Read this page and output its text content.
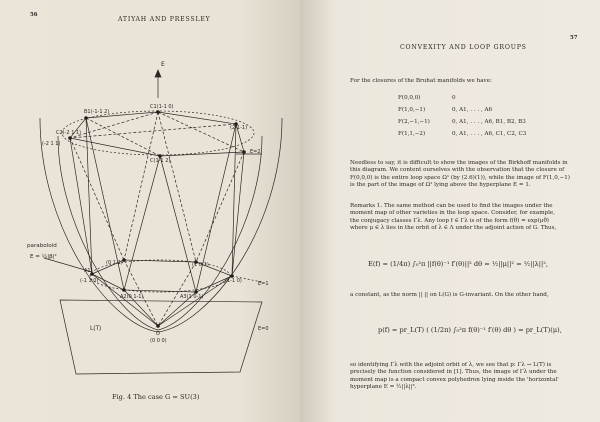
56
ATIYAH AND PRESSLEY
E
B1(-1-1 2)
C1(1-1 0)
(2-1-1)
C2(-2 1 1)
(-2 1 1)
C(1-1 2)
E=2
E=1
E=0
paraboloid
E = ½|β|²
A1
(-1 1 0)
(0 1-1)	(1 0-1)
(1-1 0)
A2(0 1-1)	A3(1 0-1)
O
(0 0 0)
L(T)
Fig. 4 The case G = SU(3)
CONVEXITY AND LOOP GROUPS
57
For the closures of the Bruhat manifolds we have:
F(0,0,0)	0
F(1,0,−1)	0, A1, . . . , A6
F(2,−1,−1)	0, A1, . . . , A6, B1, B2, B3
F(1,1,−2)	0, A1, . . . , A6, C1, C2, C3
Needless to say, it is difficult to show the images of the Birkhoff manifolds in
this diagram. We content ourselves with the observation that the closure of
F(0,0,0) is the entire loop space Ω¹ (by (2.6)(1)), while the image of F(1,0,−1)
is the part of the image of Ω¹ lying above the hyperplane E = 1.
Remarks 1. The same method can be used to find the images under the
moment map of other varieties in the loop space. Consider, for example,
the conjugacy classes Γλ. Any loop f ∈ Γλ is of the form f(θ) = exp(μθ)
where μ ∈ λ lies in the orbit of λ ∈ Λ under the adjoint action of G. Thus,
E(f) = (1/4π) ∫₀²π ||f(θ)⁻¹ f′(θ)||² dθ = ½||μ||² = ½||λ||²,
a constant, as the norm || || on L(G) is G-invariant. On the other hand,
p(f) = pr_L(T) ( (1/2π) ∫₀²π f(θ)⁻¹ f′(θ) dθ ) = pr_L(T)(μ),
so identifying Γλ with the adjoint orbit of λ, we see that p: Γλ → L(T) is
precisely the function considered in [1]. Thus, the image of Γλ under the
moment map is a compact convex polyhedron lying inside the 'horizontal'
hyperplane E = ½||λ||².
